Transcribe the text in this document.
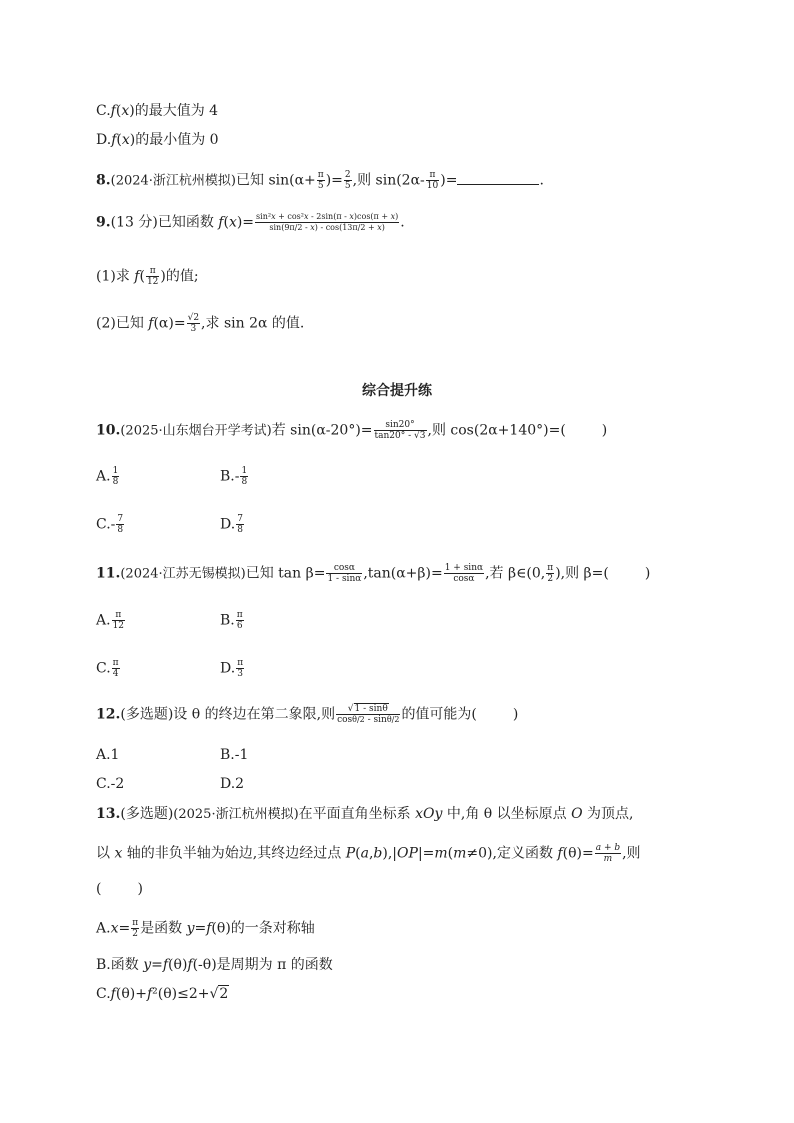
C.f(x)的最大值为 4
D.f(x)的最小值为 0
8.(2024·浙江杭州模拟)已知 $\sin(\alpha+ \frac{\pi}{5}$ )= $\frac{2}{5}$ ,则 $\sin(2\alpha- \frac{\pi}{10}$ )=	.
9.(13 分)已知函数 $f(x)= \frac{\text{sin²x + cos²x - 2sin(π - x)cos(π + x)}}{\sin(9\pi/2 - x) - \cos(13\pi/2 + x)}$ .
(1)求 $f( \frac{\pi}{12}$ )的值;
(2)已知 $f(\alpha)= \frac{√2}{3}$ ,求 sin 2α 的值.
综合提升练
10.(2025·山东烟台开学考试)若 $\sin(\alpha-20^\circ)= \frac{\sin 20^\circ}{\tan 20^\circ - √3}$ ,则 cos(2α+140°)=(	)
A. $\frac{1}{8}$	$B.- \frac{1}{8}$
$C.- \frac{7}{8}$	D. $\frac{7}{8}$
11.(2024·江苏无锡模拟)已知 $\tan \beta= \frac{\cos\alpha}{1 - \sin\alpha} ,\tan(\alpha+\beta)= \frac{1 + \sin\alpha}{\cos\alpha}$ ,若 β∈(0, $\frac{\pi}{2}$ ),则 β=(	)
A. $\frac{\pi}{12}$	B. $\frac{\pi}{6}$
C. $\frac{\pi}{4}$	D. $\frac{\pi}{3}$
12.(多选题)设 θ 的终边在第二象限,则 $\frac{√1 - \sin\theta}{\cos\theta/2 - \sin\theta/2}$ 的值可能为(	)
A.1	B.-1
C.-2	D.2
13.(多选题)(2025·浙江杭州模拟)在平面直角坐标系 xOy 中,角 θ 以坐标原点 O 为顶点,
以 x 轴的非负半轴为始边,其终边经过点 P(a,b),|OP|=m(m≠0),定义函数 $f(\theta)= \frac{a + b}{m}$ ,则
(	)
$A.x= \frac{\pi}{2}$ 是函数 y=f(θ)的一条对称轴
B.函数 y=f(θ)f(-θ)是周期为 π 的函数
C.f(θ)+f²(θ)≤2+√2
